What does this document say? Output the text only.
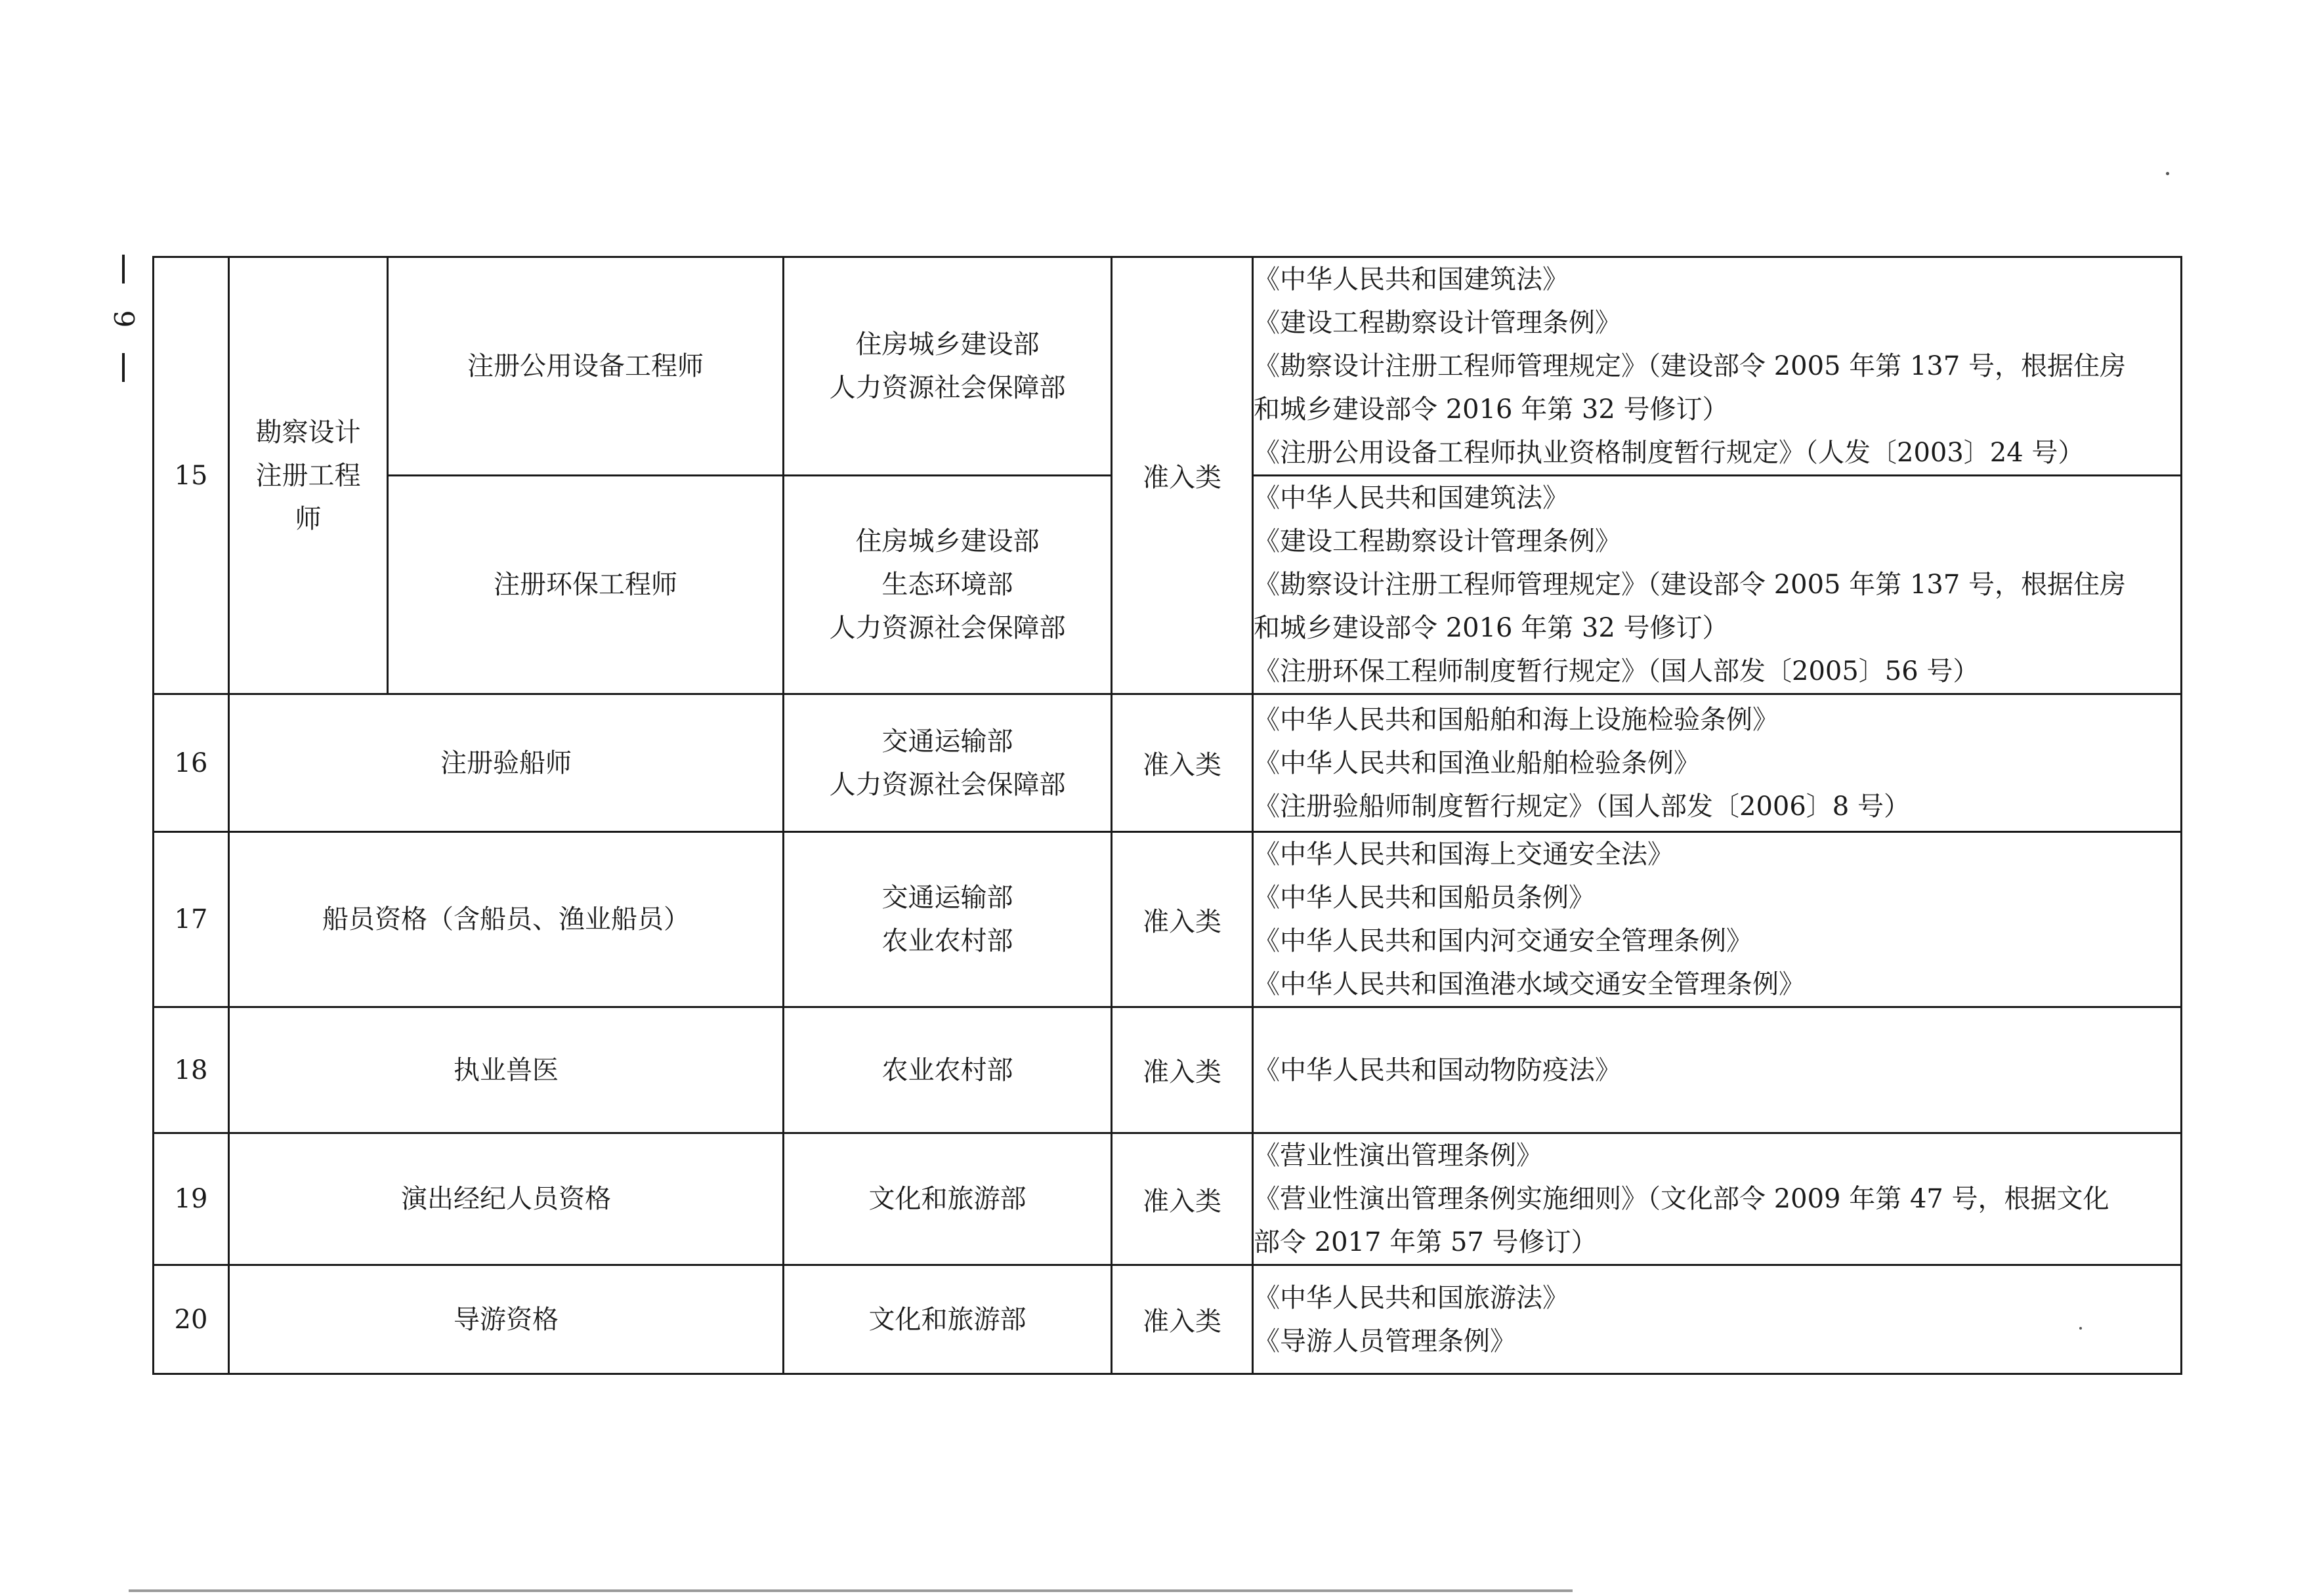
9
15	勘察设计
注册工程
师	注册公用设备工程师	住房城乡建设部
人力资源社会保障部	准入类	《中华人民共和国建筑法》
《建设工程勘察设计管理条例》
《勘察设计注册工程师管理规定》（建设部令 2005 年第 137 号，根据住房
和城乡建设部令 2016 年第 32 号修订）
《注册公用设备工程师执业资格制度暂行规定》（人发〔2003〕24 号）

		注册环保工程师	住房城乡建设部
生态环境部
人力资源社会保障部		《中华人民共和国建筑法》
《建设工程勘察设计管理条例》
《勘察设计注册工程师管理规定》（建设部令 2005 年第 137 号，根据住房
和城乡建设部令 2016 年第 32 号修订）
《注册环保工程师制度暂行规定》（国人部发〔2005〕56 号）

16	注册验船师		交通运输部
人力资源社会保障部	准入类	《中华人民共和国船舶和海上设施检验条例》
《中华人民共和国渔业船舶检验条例》
《注册验船师制度暂行规定》（国人部发〔2006〕8 号）

17	船员资格（含船员、渔业船员）		交通运输部
农业农村部	准入类	《中华人民共和国海上交通安全法》
《中华人民共和国船员条例》
《中华人民共和国内河交通安全管理条例》
《中华人民共和国渔港水域交通安全管理条例》

18	执业兽医		农业农村部	准入类	《中华人民共和国动物防疫法》

19	演出经纪人员资格		文化和旅游部	准入类	《营业性演出管理条例》
《营业性演出管理条例实施细则》（文化部令 2009 年第 47 号，根据文化
部令 2017 年第 57 号修订）

20	导游资格		文化和旅游部	准入类	《中华人民共和国旅游法》
《导游人员管理条例》
